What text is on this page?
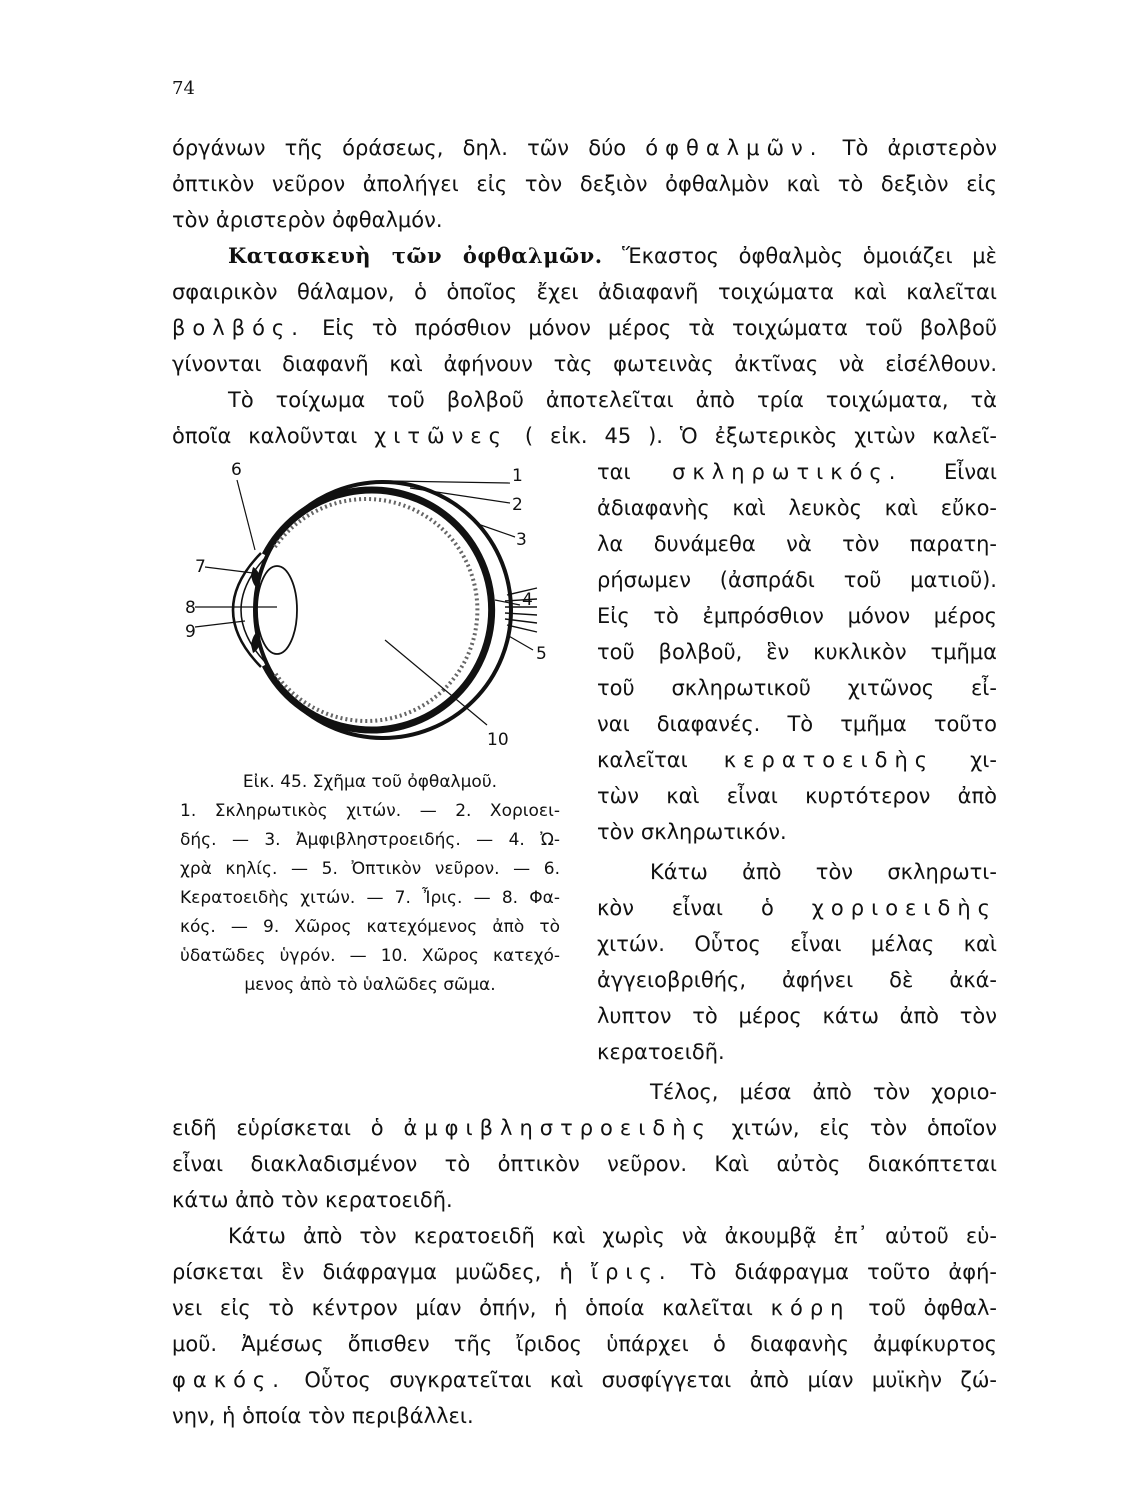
74
όργάνων τῆς όράσεως, δηλ. τῶν δύο όφθαλμῶν. Τὸ ἀριστερὸν
ὀπτικὸν νεῦρον ἀπολήγει εἰς τὸν δεξιὸν ὀφθαλμὸν καὶ τὸ δεξιὸν εἰς
τὸν ἀριστερὸν ὀφθαλμόν.
Κατασκευὴ τῶν ὀφθαλμῶν. Ἕκαστος ὀφθαλμὸς ὁμοιάζει μὲ
σφαιρικὸν θάλαμον, ὁ ὁποῖος ἔχει ἀδιαφανῆ τοιχώματα καὶ καλεῖται
βολβός. Εἰς τὸ πρόσθιον μόνον μέρος τὰ τοιχώματα τοῦ βολβοῦ
γίνονται διαφανῆ καὶ ἀφήνουν τὰς φωτεινὰς ἀκτῖνας νὰ εἰσέλθουν.
Τὸ τοίχωμα τοῦ βολβοῦ ἀποτελεῖται ἀπὸ τρία τοιχώματα, τὰ
ὁποῖα καλοῦνται χιτῶνες ( εἰκ. 45 ). Ὁ ἐξωτερικὸς χιτὼν καλεῖ-
ται σκληρωτικός. Εἶναι
ἀδιαφανὴς καὶ λευκὸς καὶ εὔκο-
λα δυνάμεθα νὰ τὸν παρατη-
ρήσωμεν (ἀσπράδι τοῦ ματιοῦ).
Εἰς τὸ ἐμπρόσθιον μόνον μέρος
τοῦ βολβοῦ, ἓν κυκλικὸν τμῆμα
τοῦ σκληρωτικοῦ χιτῶνος εἶ-
ναι διαφανές. Τὸ τμῆμα τοῦτο
καλεῖται κερατοειδὴς χι-
τὼν καὶ εἶναι κυρτότερον ἀπὸ
τὸν σκληρωτικόν.
Κάτω ἀπὸ τὸν σκληρωτι-
κὸν εἶναι ὁ χοριοειδὴς
χιτών. Οὗτος εἶναι μέλας καὶ
ἀγγειοβριθής, ἀφήνει δὲ ἀκά-
λυπτον τὸ μέρος κάτω ἀπὸ τὸν
κερατοειδῆ.
Τέλος, μέσα ἀπὸ τὸν χοριο-
ειδῆ εὑρίσκεται ὁ ἀμφιβληστροειδὴς χιτών, εἰς τὸν ὁποῖον
εἶναι διακλαδισμένον τὸ ὀπτικὸν νεῦρον. Καὶ αὐτὸς διακόπτεται
κάτω ἀπὸ τὸν κερατοειδῆ.
Κάτω ἀπὸ τὸν κερατοειδῆ καὶ χωρὶς νὰ ἀκουμβᾷ ἐπ᾽ αὐτοῦ εὑ-
ρίσκεται ἓν διάφραγμα μυῶδες, ἡ ἴρις. Τὸ διάφραγμα τοῦτο ἀφή-
νει εἰς τὸ κέντρον μίαν ὀπήν, ἡ ὁποία καλεῖται κόρη τοῦ ὀφθαλ-
μοῦ. Ἀμέσως ὄπισθεν τῆς ἴριδος ὑπάρχει ὁ διαφανὴς ἀμφίκυρτος
φακός. Οὗτος συγκρατεῖται καὶ συσφίγγεται ἀπὸ μίαν μυϊκὴν ζώ-
νην, ἡ ὁποία τὸν περιβάλλει.
1
2
3
4
5
6
7
8
9
10
Εἰκ. 45. Σχῆμα τοῦ ὀφθαλμοῦ.
1. Σκληρωτικὸς χιτών. — 2. Χοριοει-
δής. — 3. Ἀμφιβληστροειδής. — 4. Ὠ-
χρὰ κηλίς. — 5. Ὀπτικὸν νεῦρον. — 6.
Κερατοειδὴς χιτών. — 7. Ἶρις. — 8. Φα-
κός. — 9. Χῶρος κατεχόμενος ἀπὸ τὸ
ὑδατῶδες ὑγρόν. — 10. Χῶρος κατεχό-
μενος ἀπὸ τὸ ὑαλῶδες σῶμα.
